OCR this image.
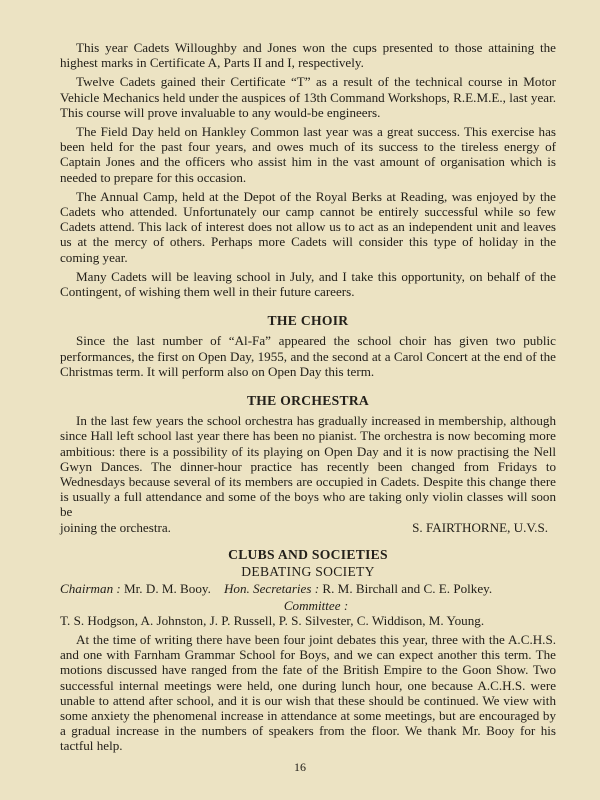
This year Cadets Willoughby and Jones won the cups presented to those attaining the highest marks in Certificate A, Parts II and I, respectively.

Twelve Cadets gained their Certificate “T” as a result of the technical course in Motor Vehicle Mechanics held under the auspices of 13th Command Workshops, R.E.M.E., last year. This course will prove invaluable to any would-be engineers.

The Field Day held on Hankley Common last year was a great success. This exercise has been held for the past four years, and owes much of its success to the tireless energy of Captain Jones and the officers who assist him in the vast amount of organisation which is needed to prepare for this occasion.

The Annual Camp, held at the Depot of the Royal Berks at Reading, was enjoyed by the Cadets who attended. Unfortunately our camp cannot be entirely successful while so few Cadets attend. This lack of interest does not allow us to act as an independent unit and leaves us at the mercy of others. Perhaps more Cadets will consider this type of holiday in the coming year.

Many Cadets will be leaving school in July, and I take this opportunity, on behalf of the Contingent, of wishing them well in their future careers.

THE CHOIR

Since the last number of “Al-Fa” appeared the school choir has given two public performances, the first on Open Day, 1955, and the second at a Carol Concert at the end of the Christmas term. It will perform also on Open Day this term.

THE ORCHESTRA

In the last few years the school orchestra has gradually increased in membership, although since Hall left school last year there has been no pianist. The orchestra is now becoming more ambitious: there is a possibility of its playing on Open Day and it is now practising the Nell Gwyn Dances. The dinner-hour practice has recently been changed from Fridays to Wednesdays because several of its members are occupied in Cadets. Despite this change there is usually a full attendance and some of the boys who are taking only violin classes will soon be

joining the orchestra.	S. FAIRTHORNE, U.V.S.
CLUBS AND SOCIETIES
DEBATING SOCIETY

Chairman : Mr. D. M. Booy. Hon. Secretaries : R. M. Birchall and C. E. Polkey.

Committee :

T. S. Hodgson, A. Johnston, J. P. Russell, P. S. Silvester, C. Widdison, M. Young.

At the time of writing there have been four joint debates this year, three with the A.C.H.S. and one with Farnham Grammar School for Boys, and we can expect another this term. The motions discussed have ranged from the fate of the British Empire to the Goon Show. Two successful internal meetings were held, one during lunch hour, one because A.C.H.S. were unable to attend after school, and it is our wish that these should be continued. We view with some anxiety the phenomenal increase in attendance at some meetings, but are encouraged by a gradual increase in the numbers of speakers from the floor. We thank Mr. Booy for his tactful help.

16
